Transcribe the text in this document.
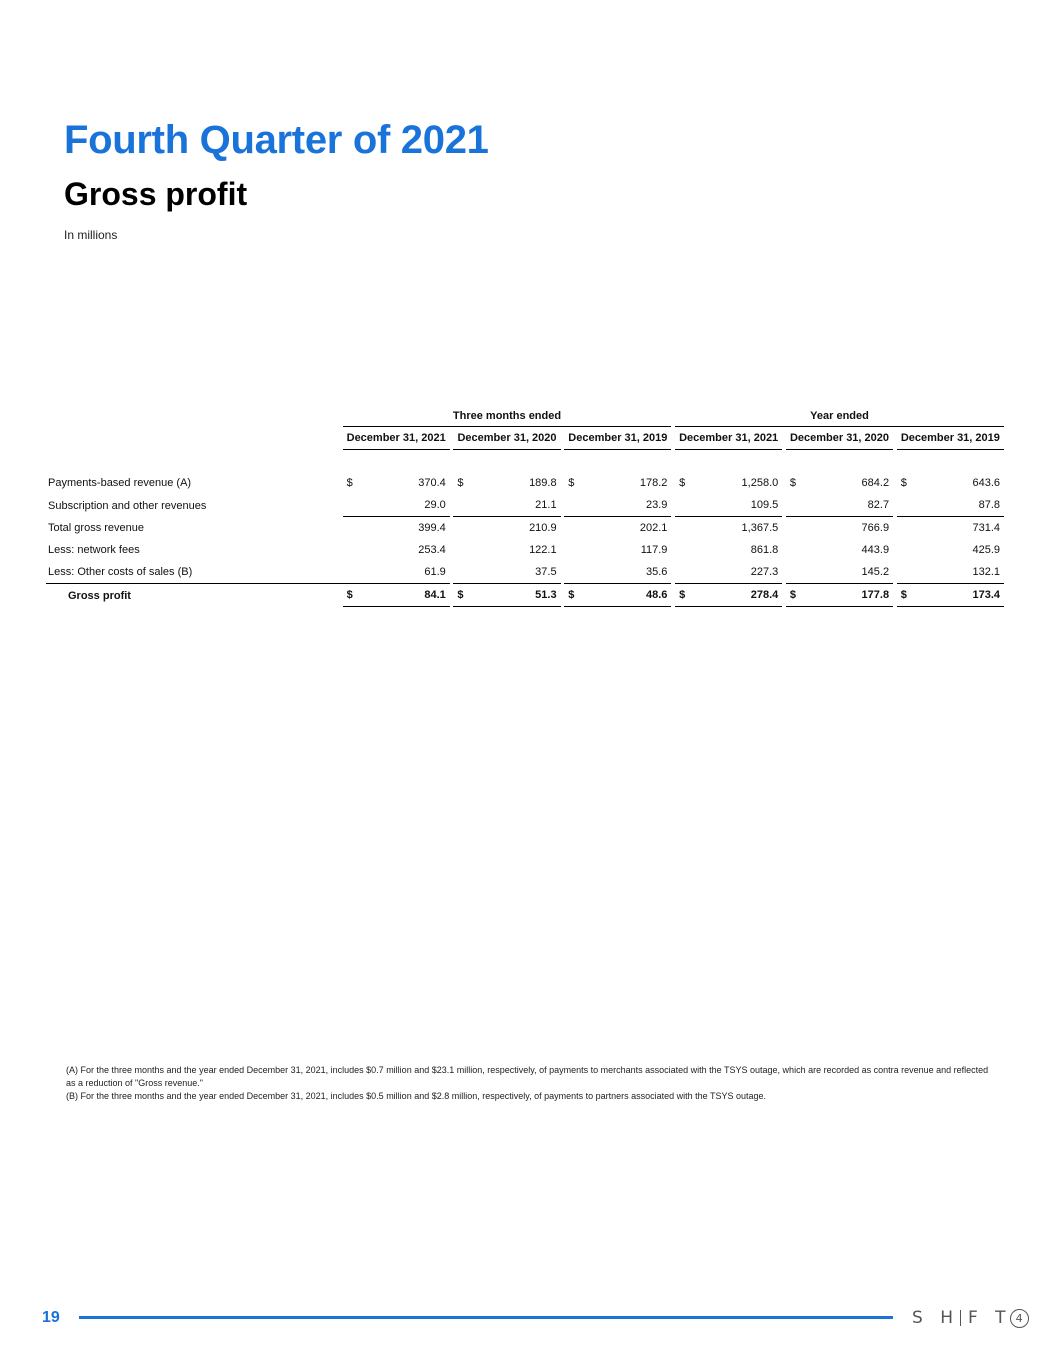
Fourth Quarter of 2021
Gross profit
In millions
	Three months ended						Year ended				
	December 31, 2021		December 31, 2020		December 31, 2019		December 31, 2021		December 31, 2020		December 31, 2019

Payments-based revenue (A)	$ 370.4		$ 189.8		$ 178.2		$ 1,258.0		$ 684.2		$ 643.6

Subscription and other revenues	29.0		21.1		23.9		109.5		82.7		87.8

Total gross revenue	399.4		210.9		202.1		1,367.5		766.9		731.4

Less: network fees	253.4		122.1		117.9		861.8		443.9		425.9

Less: Other costs of sales (B)	61.9		37.5		35.6		227.3		145.2		132.1

Gross profit	$ 84.1		$ 51.3		$ 48.6		$ 278.4		$ 177.8		$ 173.4

(A) For the three months and the year ended December 31, 2021, includes $0.7 million and $23.1 million, respectively, of payments to merchants associated with the TSYS outage, which are recorded as contra revenue and reflected as a reduction of "Gross revenue."

(B) For the three months and the year ended December 31, 2021, includes $0.5 million and $2.8 million, respectively, of payments to partners associated with the TSYS outage.

19	S H F T 4
